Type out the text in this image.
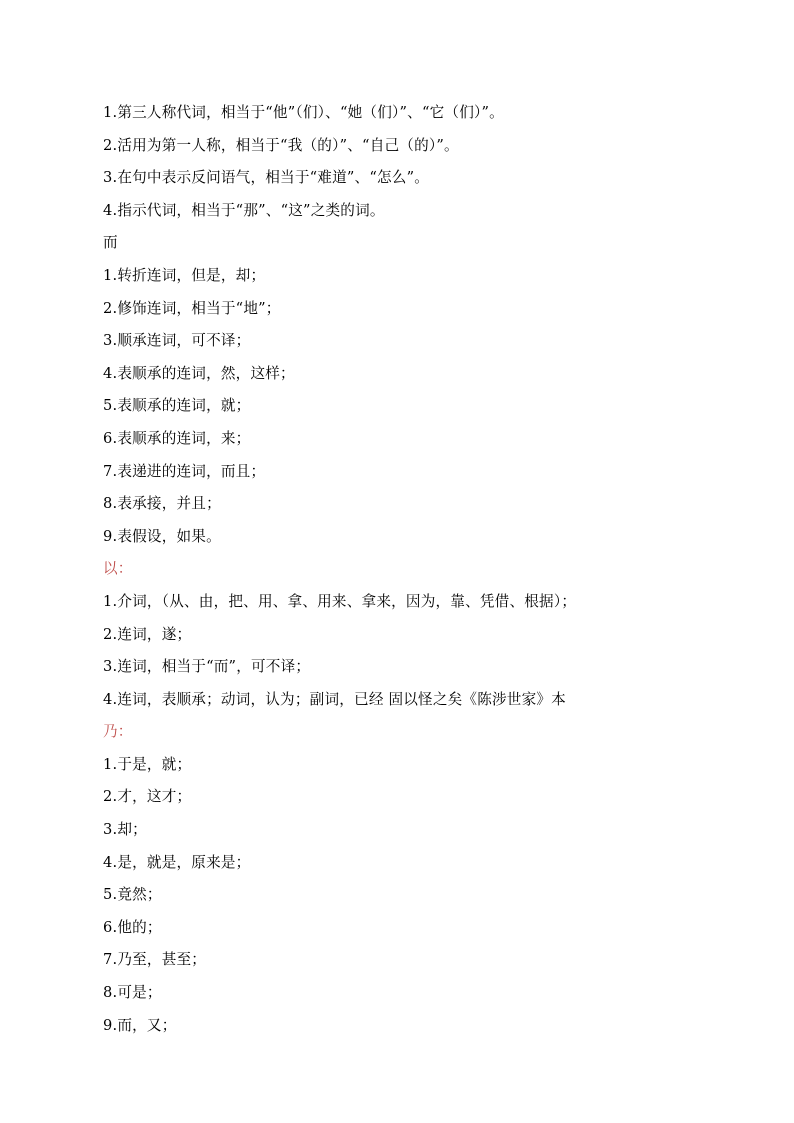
1.第三人称代词，相当于“他”（们）、“她（们）”、“它（们）”。
2.活用为第一人称，相当于“我（的）”、“自己（的）”。
3.在句中表示反问语气，相当于“难道”、“怎么”。
4.指示代词，相当于“那”、“这”之类的词。
而
1.转折连词，但是，却；
2.修饰连词，相当于“地”；
3.顺承连词，可不译；
4.表顺承的连词，然，这样；
5.表顺承的连词，就；
6.表顺承的连词，来；
7.表递进的连词，而且；
8.表承接，并且；
9.表假设，如果。
以：
1.介词，（从、由，把、用、拿、用来、拿来，因为，靠、凭借、根据）；
2.连词，遂；
3.连词，相当于“而”，可不译；
4.连词，表顺承；动词，认为；副词，已经 固以怪之矣《陈涉世家》本
乃：
1.于是，就；
2.才，这才；
3.却；
4.是，就是，原来是；
5.竟然；
6.他的；
7.乃至，甚至；
8.可是；
9.而，又；
